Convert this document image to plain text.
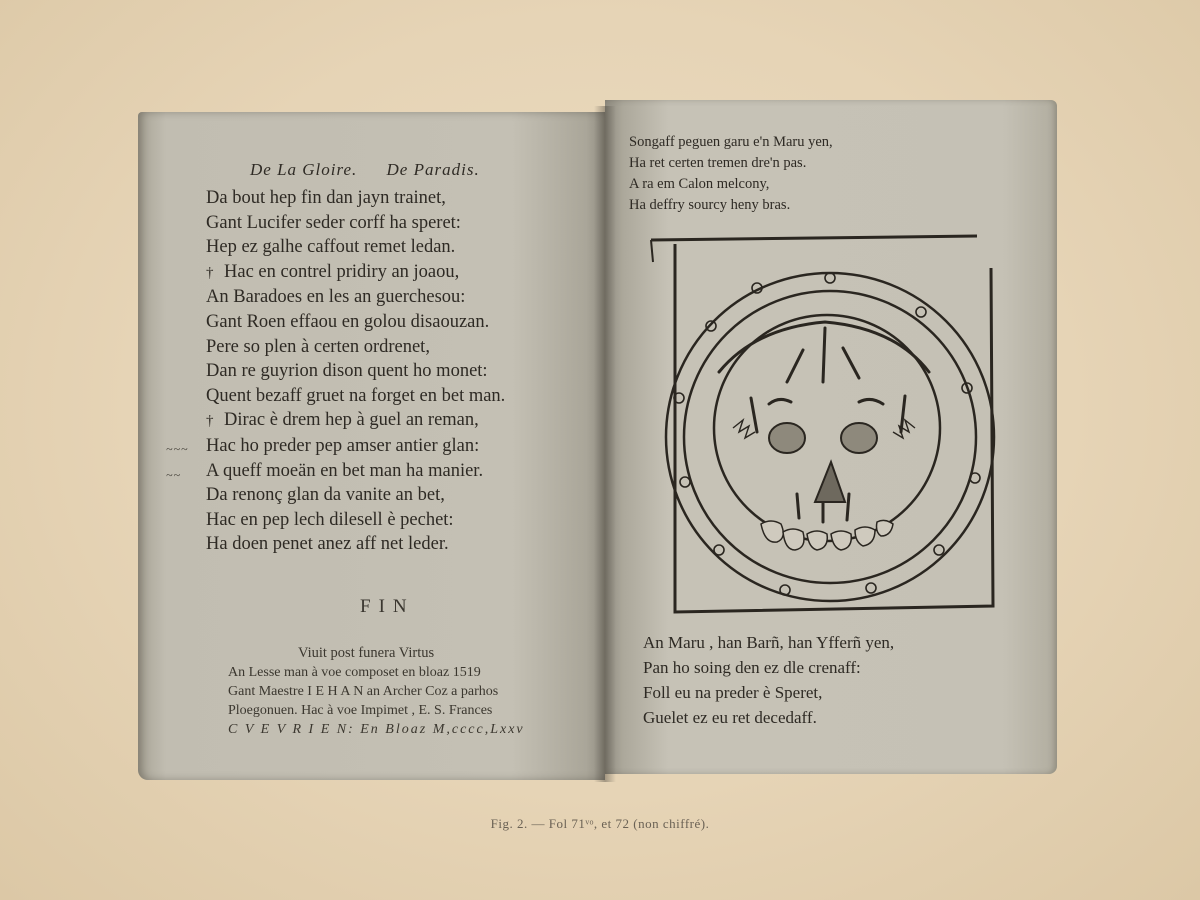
De La Gloire. De Paradis.
Da bout hep fin dan jayn trainet,
Gant Lucifer seder corff ha speret:
Hep ez galhe caffout remet ledan.
† Hac en contrel pridiry an joaou,
An Baradoes en les an guerchesou:
Gant Roen effaou en golou disaouzan.
Pere so plen à certen ordrenet,
Dan re guyrion dison quent ho monet:
Quent bezaff gruet na forget en bet man.
† Dirac è drem hep à guel an reman,
Hac ho preder pep amser antier glan:
A queff moeän en bet man ha manier.
Da renonç glan da vanite an bet,
Hac en pep lech dilesell è pechet:
Ha doen penet anez aff net leder.
~ ~ ~
~ ~
FIN
Viuit post funera Virtus
An Lesse man à voe composet en bloaz 1519
Gant Maestre I E H A N an Archer Coz a parhos
Ploegonuen. Hac à voe Impimet , E. S. Frances
C V E V R I E N: En Bloaz M,cccc,Lxxv
Songaff peguen garu e'n Maru yen,
Ha ret certen tremen dre'n pas.
A ra em Calon melcony,
Ha deffry sourcy heny bras.
An Maru , han Barñ, han Yfferñ yen,
Pan ho soing den ez dle crenaff:
Foll eu na preder è Speret,
Guelet ez eu ret decedaff.
Fig. 2. — Fol 71ᵛᵒ, et 72 (non chiffré).
